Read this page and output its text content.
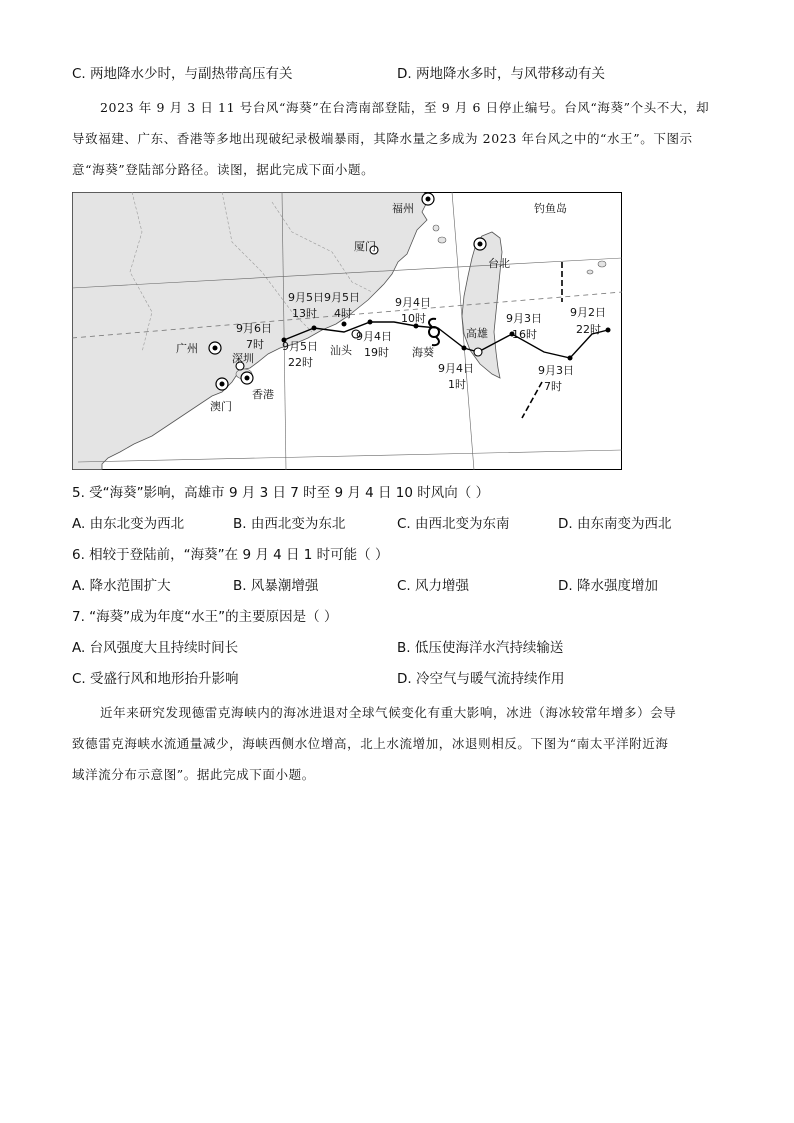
C. 两地降水少时，与副热带高压有关	D. 两地降水多时，与风带移动有关
2023 年 9 月 3 日 11 号台风“海葵”在台湾南部登陆，至 9 月 6 日停止编号。台风“海葵”个头不大，却
导致福建、广东、香港等多地出现破纪录极端暴雨，其降水量之多成为 2023 年台风之中的“水王”。下图示
意“海葵”登陆部分路径。读图，据此完成下面小题。
福州	钓鱼岛
台北
厦门
高雄
海葵
广州
深圳
汕头
香港
澳门
9月2日
22时
9月3日
7时
9月3日
16时
9月4日
1时
9月4日
10时
9月4日
19时
9月5日
4时
9月5日
13时
9月5日
22时
9月6日
7时
5. 受“海葵”影响，高雄市 9 月 3 日 7 时至 9 月 4 日 10 时风向（ ）
A. 由东北变为西北	B. 由西北变为东北	C. 由西北变为东南	D. 由东南变为西北
6. 相较于登陆前，“海葵”在 9 月 4 日 1 时可能（ ）
A. 降水范围扩大	B. 风暴潮增强	C. 风力增强	D. 降水强度增加
7. “海葵”成为年度“水王”的主要原因是（ ）
A. 台风强度大且持续时间长	B. 低压使海洋水汽持续输送
C. 受盛行风和地形抬升影响	D. 冷空气与暖气流持续作用
近年来研究发现德雷克海峡内的海冰进退对全球气候变化有重大影响，冰进（海冰较常年增多）会导
致德雷克海峡水流通量减少，海峡西侧水位增高，北上水流增加，冰退则相反。下图为“南太平洋附近海
域洋流分布示意图”。据此完成下面小题。
